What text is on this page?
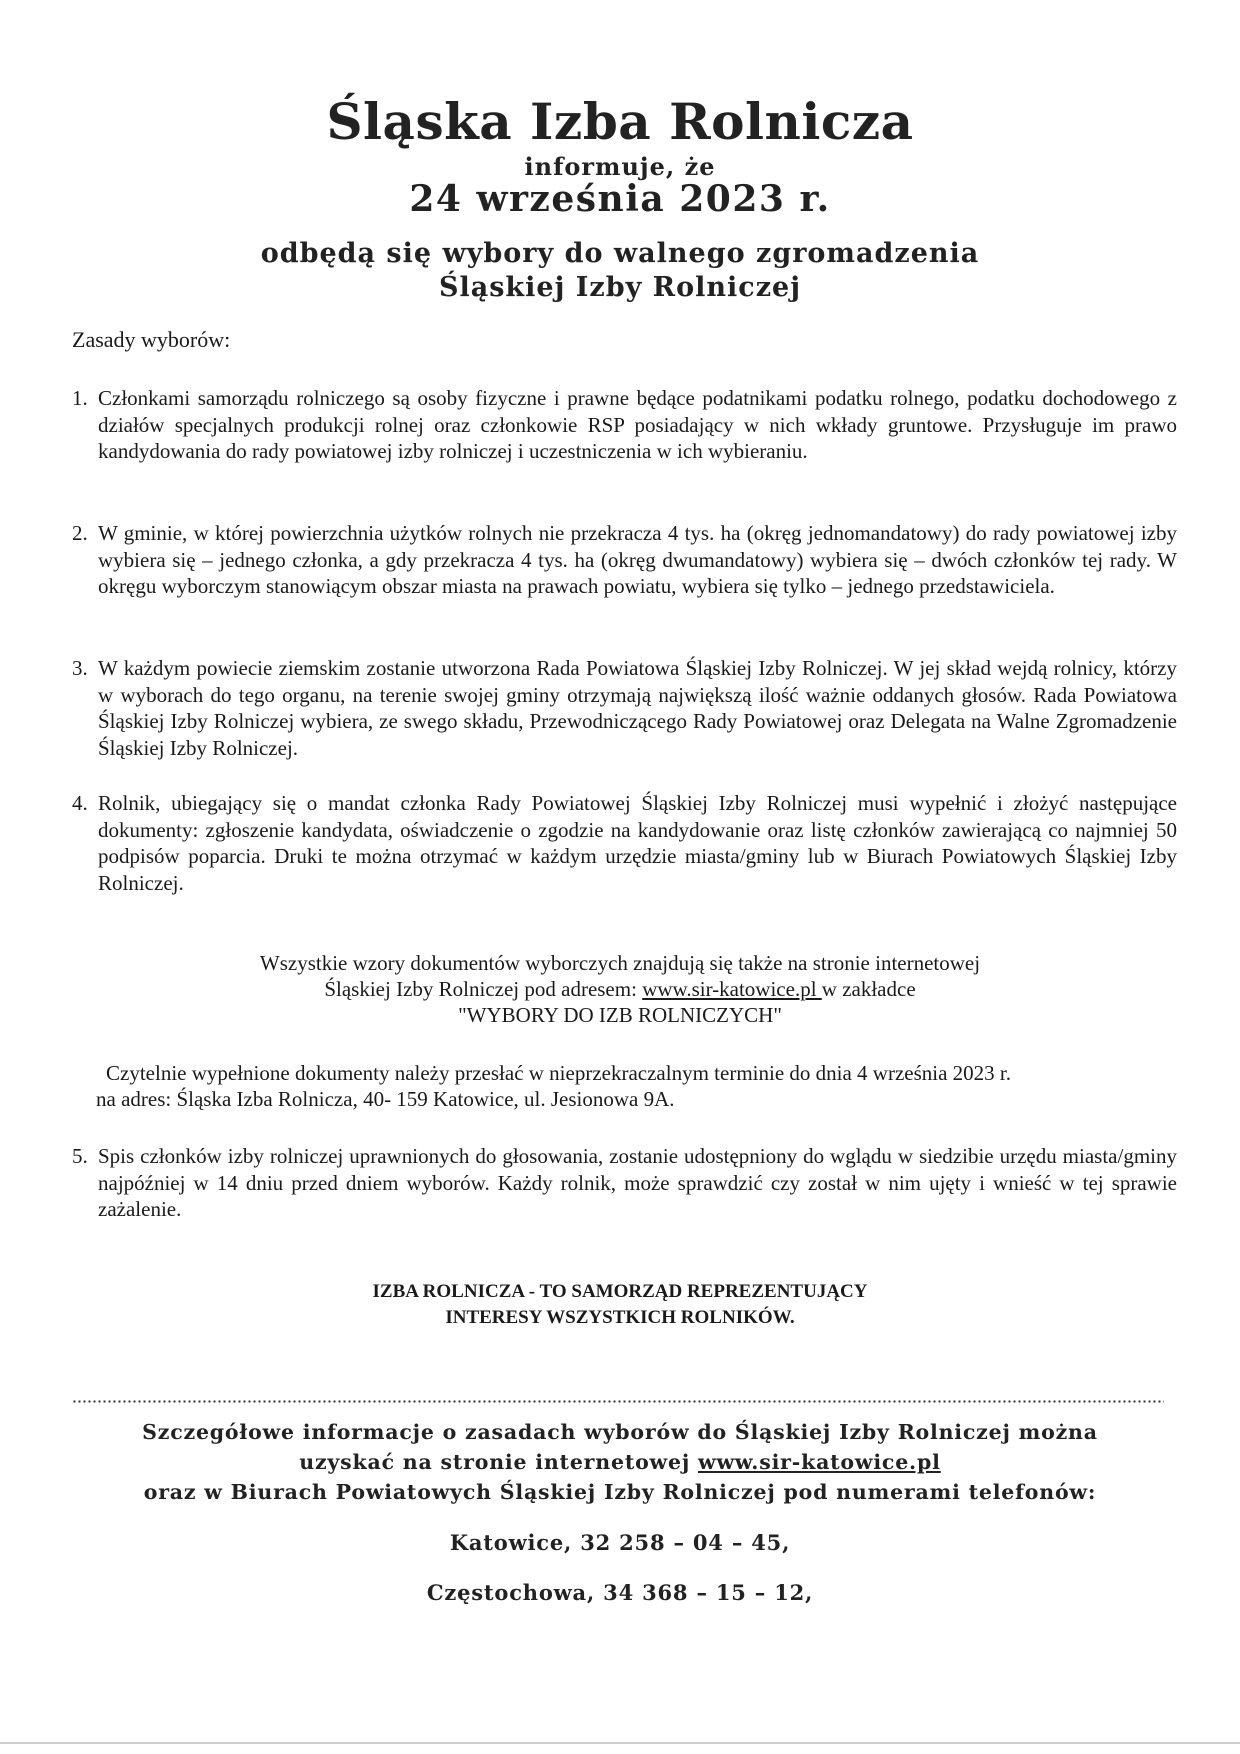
Śląska Izba Rolnicza
informuje, że
24 września 2023 r.
odbędą się wybory do walnego zgromadzenia
Śląskiej Izby Rolniczej
Zasady wyborów:
1. Członkami samorządu rolniczego są osoby fizyczne i prawne będące podatnikami podatku rolnego, podatku dochodowego z działów specjalnych produkcji rolnej oraz członkowie RSP posiadający w nich wkłady gruntowe. Przysługuje im prawo kandydowania do rady powiatowej izby rolniczej i uczestniczenia w ich wybieraniu.
2. W gminie, w której powierzchnia użytków rolnych nie przekracza 4 tys. ha (okręg jednomandatowy) do rady powiatowej izby wybiera się – jednego członka, a gdy przekracza 4 tys. ha (okręg dwumandatowy) wybiera się – dwóch członków tej rady. W okręgu wyborczym stanowiącym obszar miasta na prawach powiatu, wybiera się tylko – jednego przedstawiciela.
3. W każdym powiecie ziemskim zostanie utworzona Rada Powiatowa Śląskiej Izby Rolniczej. W jej skład wejdą rolnicy, którzy w wyborach do tego organu, na terenie swojej gminy otrzymają największą ilość ważnie oddanych głosów. Rada Powiatowa Śląskiej Izby Rolniczej wybiera, ze swego składu, Przewodniczącego Rady Powiatowej oraz Delegata na Walne Zgromadzenie Śląskiej Izby Rolniczej.
4. Rolnik, ubiegający się o mandat członka Rady Powiatowej Śląskiej Izby Rolniczej musi wypełnić i złożyć następujące dokumenty: zgłoszenie kandydata, oświadczenie o zgodzie na kandydowanie oraz listę członków zawierającą co najmniej 50 podpisów poparcia. Druki te można otrzymać w każdym urzędzie miasta/gminy lub w Biurach Powiatowych Śląskiej Izby Rolniczej.
Wszystkie wzory dokumentów wyborczych znajdują się także na stronie internetowej
Śląskiej Izby Rolniczej pod adresem: www.sir-katowice.pl w zakładce
"WYBORY DO IZB ROLNICZYCH"
Czytelnie wypełnione dokumenty należy przesłać w nieprzekraczalnym terminie do dnia 4 września 2023 r.
na adres: Śląska Izba Rolnicza, 40- 159 Katowice, ul. Jesionowa 9A.
5. Spis członków izby rolniczej uprawnionych do głosowania, zostanie udostępniony do wglądu w siedzibie urzędu miasta/gminy najpóźniej w 14 dniu przed dniem wyborów. Każdy rolnik, może sprawdzić czy został w nim ujęty i wnieść w tej sprawie zażalenie.
IZBA ROLNICZA - TO SAMORZĄD REPREZENTUJĄCY
INTERESY WSZYSTKICH ROLNIKÓW.
Szczegółowe informacje o zasadach wyborów do Śląskiej Izby Rolniczej można
uzyskać na stronie internetowej www.sir-katowice.pl
oraz w Biurach Powiatowych Śląskiej Izby Rolniczej pod numerami telefonów:
Katowice, 32 258 – 04 – 45,
Częstochowa, 34 368 – 15 – 12,
